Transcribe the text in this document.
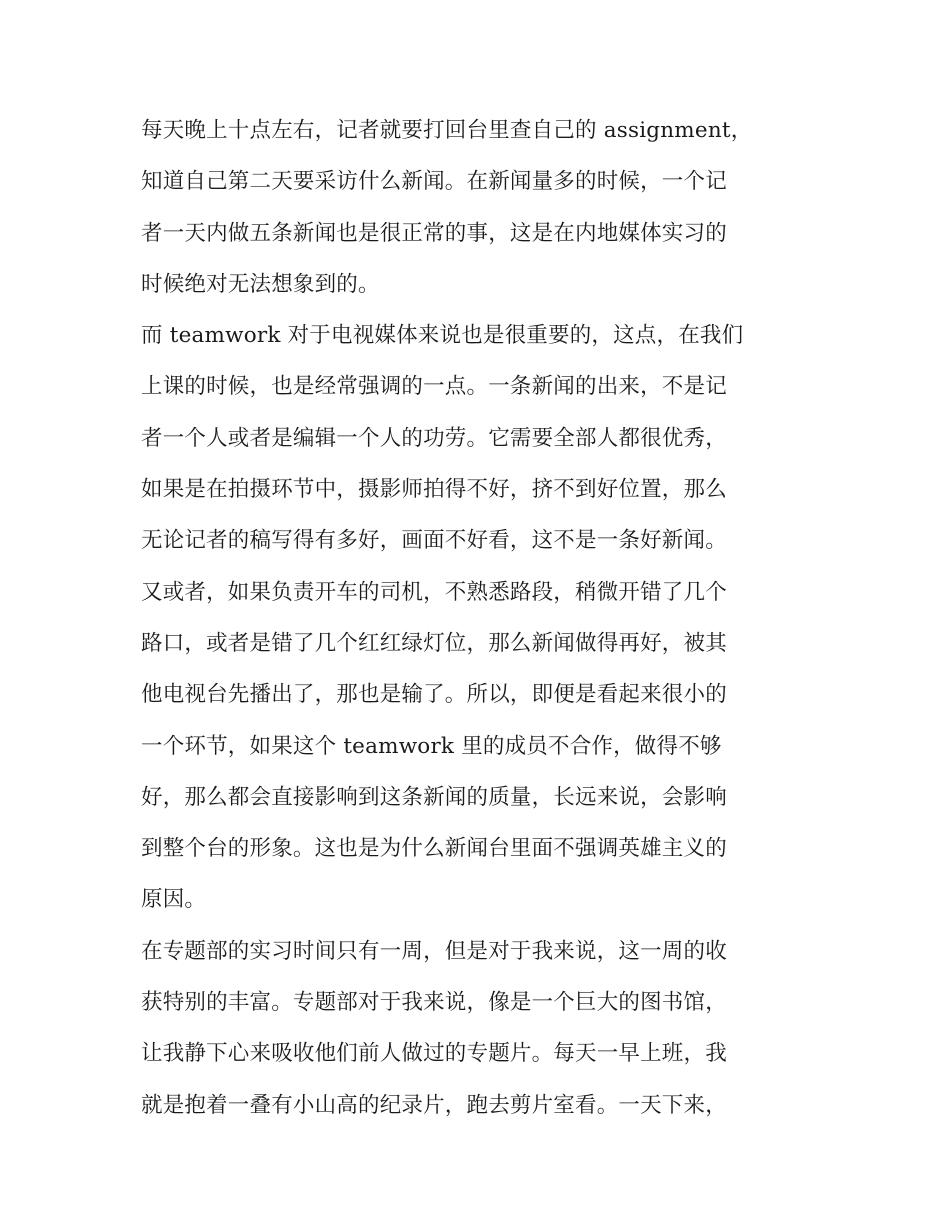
每天晚上十点左右，记者就要打回台里查自己的 assignment，
知道自己第二天要采访什么新闻。在新闻量多的时候，一个记
者一天内做五条新闻也是很正常的事，这是在内地媒体实习的
时候绝对无法想象到的。
而 teamwork 对于电视媒体来说也是很重要的，这点，在我们
上课的时候，也是经常强调的一点。一条新闻的出来，不是记
者一个人或者是编辑一个人的功劳。它需要全部人都很优秀，
如果是在拍摄环节中，摄影师拍得不好，挤不到好位置，那么
无论记者的稿写得有多好，画面不好看，这不是一条好新闻。
又或者，如果负责开车的司机，不熟悉路段，稍微开错了几个
路口，或者是错了几个红红绿灯位，那么新闻做得再好，被其
他电视台先播出了，那也是输了。所以，即便是看起来很小的
一个环节，如果这个 teamwork 里的成员不合作，做得不够
好，那么都会直接影响到这条新闻的质量，长远来说，会影响
到整个台的形象。这也是为什么新闻台里面不强调英雄主义的
原因。
在专题部的实习时间只有一周，但是对于我来说，这一周的收
获特别的丰富。专题部对于我来说，像是一个巨大的图书馆，
让我静下心来吸收他们前人做过的专题片。每天一早上班，我
就是抱着一叠有小山高的纪录片，跑去剪片室看。一天下来，
